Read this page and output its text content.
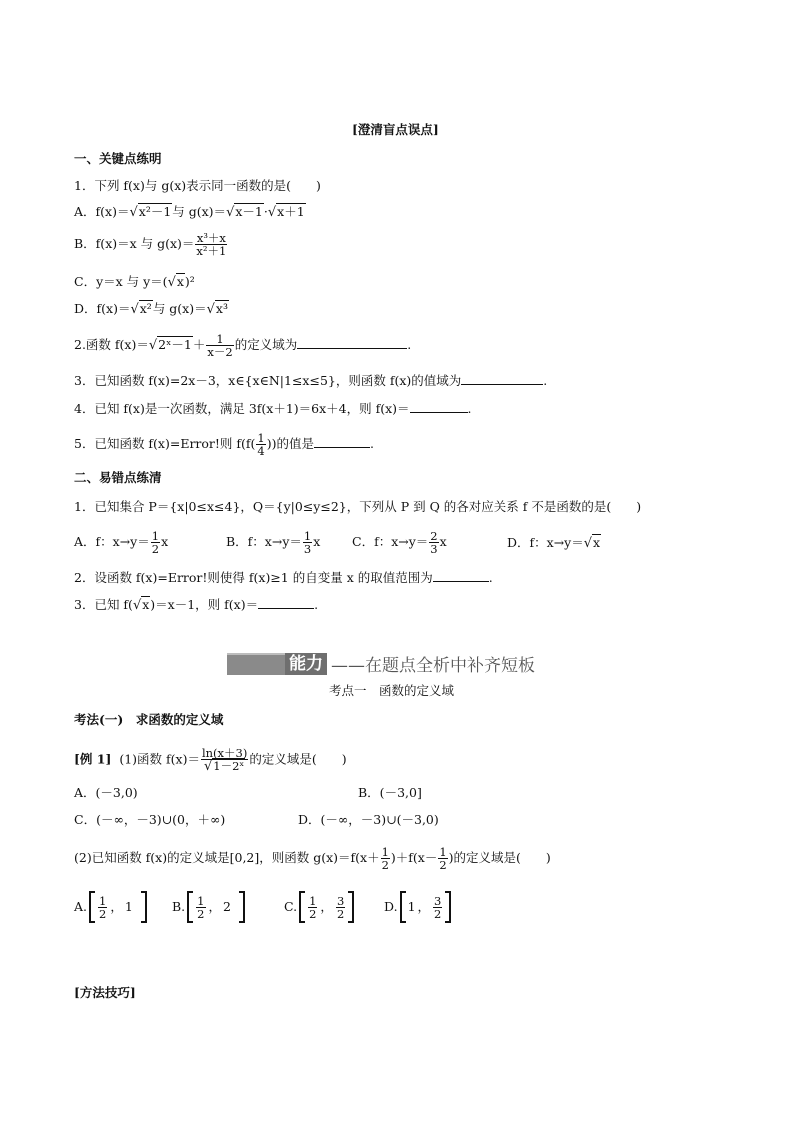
[澄清盲点误点]
一、关键点练明
1．下列 f(x)与 g(x)表示同一函数的是(　　)
A．f(x)＝√x²－1与 g(x)＝√x－1·√x＋1
B．f(x)＝x 与 $g(x)= \frac{\text{x³＋x}}{\text{x²＋1}}$
C．y＝x 与 y＝(√x)²
D．f(x)＝√x²与 g(x)＝√x³
2.函数 f(x)＝√2ˣ－1＋ $\frac{1}{x-2}$ 的定义域为	.
3．已知函数 f(x)=2x－3，x∈{x∈N|1≤x≤5}，则函数 f(x)的值域为	.
4．已知 f(x)是一次函数，满足 3f(x＋1)＝6x＋4，则 f(x)＝	.
5．已知函数 f(x)=Error!则 $f(f( \frac{1}{4}$ ))的值是	.
二、易错点练清
1．已知集合 P＝{x|0≤x≤4}，Q＝{y|0≤y≤2}，下列从 P 到 Q 的各对应关系 f 不是函数的是(　　)
A．f：$x\to y= \frac{1}{2}$ x	B．f：$x\to y= \frac{1}{3}$ x	C．f：$x\to y= \frac{2}{3}$ x	D．f：x→y＝√x
2．设函数 f(x)=Error!则使得 f(x)≥1 的自变量 x 的取值范围为	.
3．已知 f(√x)＝x－1，则 f(x)＝	.
能力 ——在题点全析中补齐短板
考点一　函数的定义域
考法(一)　求函数的定义域
[例 1] (1)函数 $f(x)= \frac{\ln(x+3)}{\text{√1－2ˣ}}$ 的定义域是(　　)
A．(－3,0)	B．(－3,0]
C．(－∞，－3)∪(0，＋∞)	D．(－∞，－3)∪(－3,0)
(2)已知函数 f(x)的定义域是[0,2]，则函数 $g(x)=f(x+ \frac{1}{2} )+f(x- \frac{1}{2}$ )的定义域是(　　)
A. $\frac{1}{2}$ ， 1
	B. $\frac{1}{2}$ ， 2
	C. $\frac{1}{2}$ ， $\frac{3}{2}$	D. 1 ， $\frac{3}{2}$
[方法技巧]
